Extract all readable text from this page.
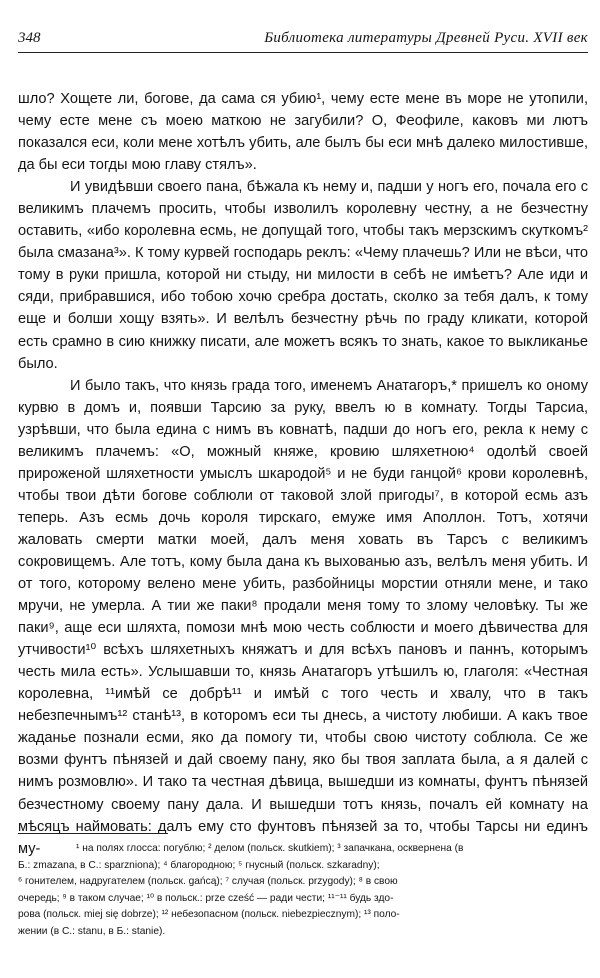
348	Библиотека литературы Древней Руси. XVII век

шло? Хощете ли, богове, да сама ся убию¹, чему есте мене въ море не утопили, чему есте мене съ моею маткою не загубили? О, Феофиле, каковъ ми лютъ показался еси, коли мене хотѣлъ убить, але былъ бы еси мнѣ далеко милостивше, да бы еси тогды мою главу стялъ».

И увидѣвши своего пана, бѣжала къ нему и, падши у ногъ его, почала его с великимъ плачемъ просить, чтобы изволилъ королевну честну, а не безчестну оставить, «ибо королевна есмь, не допущай того, чтобы такъ мерзскимъ скуткомъ² была смазана³». К тому курвей господарь реклъ: «Чему плачешь? Или не вѣси, что тому в руки пришла, которой ни стыду, ни милости в себѣ не имѣетъ? Але иди и сяди, прибравшися, ибо тобою хочю сребра достать, сколко за тебя далъ, к тому еще и болши хощу взять». И велѣлъ безчестну рѣчь по граду кликати, которой есть срамно в сию книжку писати, але можетъ всякъ то знать, какое то выкликанье было.

И было такъ, что князь града того, именемъ Анатагоръ,* пришелъ ко оному курвю в домъ и, появши Тарсию за руку, ввелъ ю в комнату. Тогды Тарсиа, узрѣвши, что была едина с нимъ въ ковнатѣ, падши до ногъ его, рекла к нему с великимъ плачемъ: «О, можный княже, кровию шляхетною⁴ одолѣй своей прироженой шляхетности умыслъ шкародой⁵ и не буди ганцой⁶ крови королевнѣ, чтобы твои дѣти богове соблюли от таковой злой пригоды⁷, в которой есмь азъ теперь. Азъ есмь дочь короля тирскаго, емуже имя Аполлон. Тотъ, хотячи жаловать смерти матки моей, далъ меня ховать въ Тарсъ с великимъ сокровищемъ. Але тотъ, кому была дана къ выхованью азъ, велѣлъ меня убить. И от того, которому велено мене убить, разбойницы морстии отняли мене, и тако мручи, не умерла. А тии же паки⁸ продали меня тому то злому человѣку. Ты же паки⁹, аще еси шляхта, помози мнѣ мою честь соблюсти и моего дѣвичества для утчивости¹⁰ всѣхъ шляхетныхъ княжатъ и для всѣхъ пановъ и паннъ, которымъ честь мила есть». Услышавши то, князь Анатагоръ утѣшилъ ю, глаголя: «Честная королевна, ¹¹имѣй се добрѣ¹¹ и имѣй с того честь и хвалу, что в такъ небезпечнымъ¹² станѣ¹³, в которомъ еси ты днесь, а чистоту любиши. А какъ твое жаданье познали есми, яко да помогу ти, чтобы свою чистоту соблюла. Се же возми фунтъ пѣнязей и дай своему пану, яко бы твоя заплата была, а я далей с нимъ розмовлю». И тако та честная дѣвица, вышедши из комнаты, фунтъ пѣнязей безчестному своему пану дала. И вышедши тотъ князь, почалъ ей комнату на мѣсяцъ наймовать: далъ ему сто фунтовъ пѣнязей за то, чтобы Тарсы ни единъ му-	¹ на полях глосса: погублю; ² делом (польск. skutkiem); ³ запачкана, осквернена (в
Б.: zmazana, в С.: sparzniona); ⁴ благородною; ⁵ гнусный (польск. szkaradny);
⁶ гонителем, надругателем (польск. gańcą); ⁷ случая (польск. przygody); ⁸ в свою
очередь; ⁹ в таком случае; ¹⁰ в польск.: prze cześć — ради чести; ¹¹⁻¹¹ будь здо-
рова (польск. miej się dobrze); ¹² небезопасном (польск. niebezpiecznym); ¹³ поло-
жении (в С.: stanu, в Б.: stanie).
